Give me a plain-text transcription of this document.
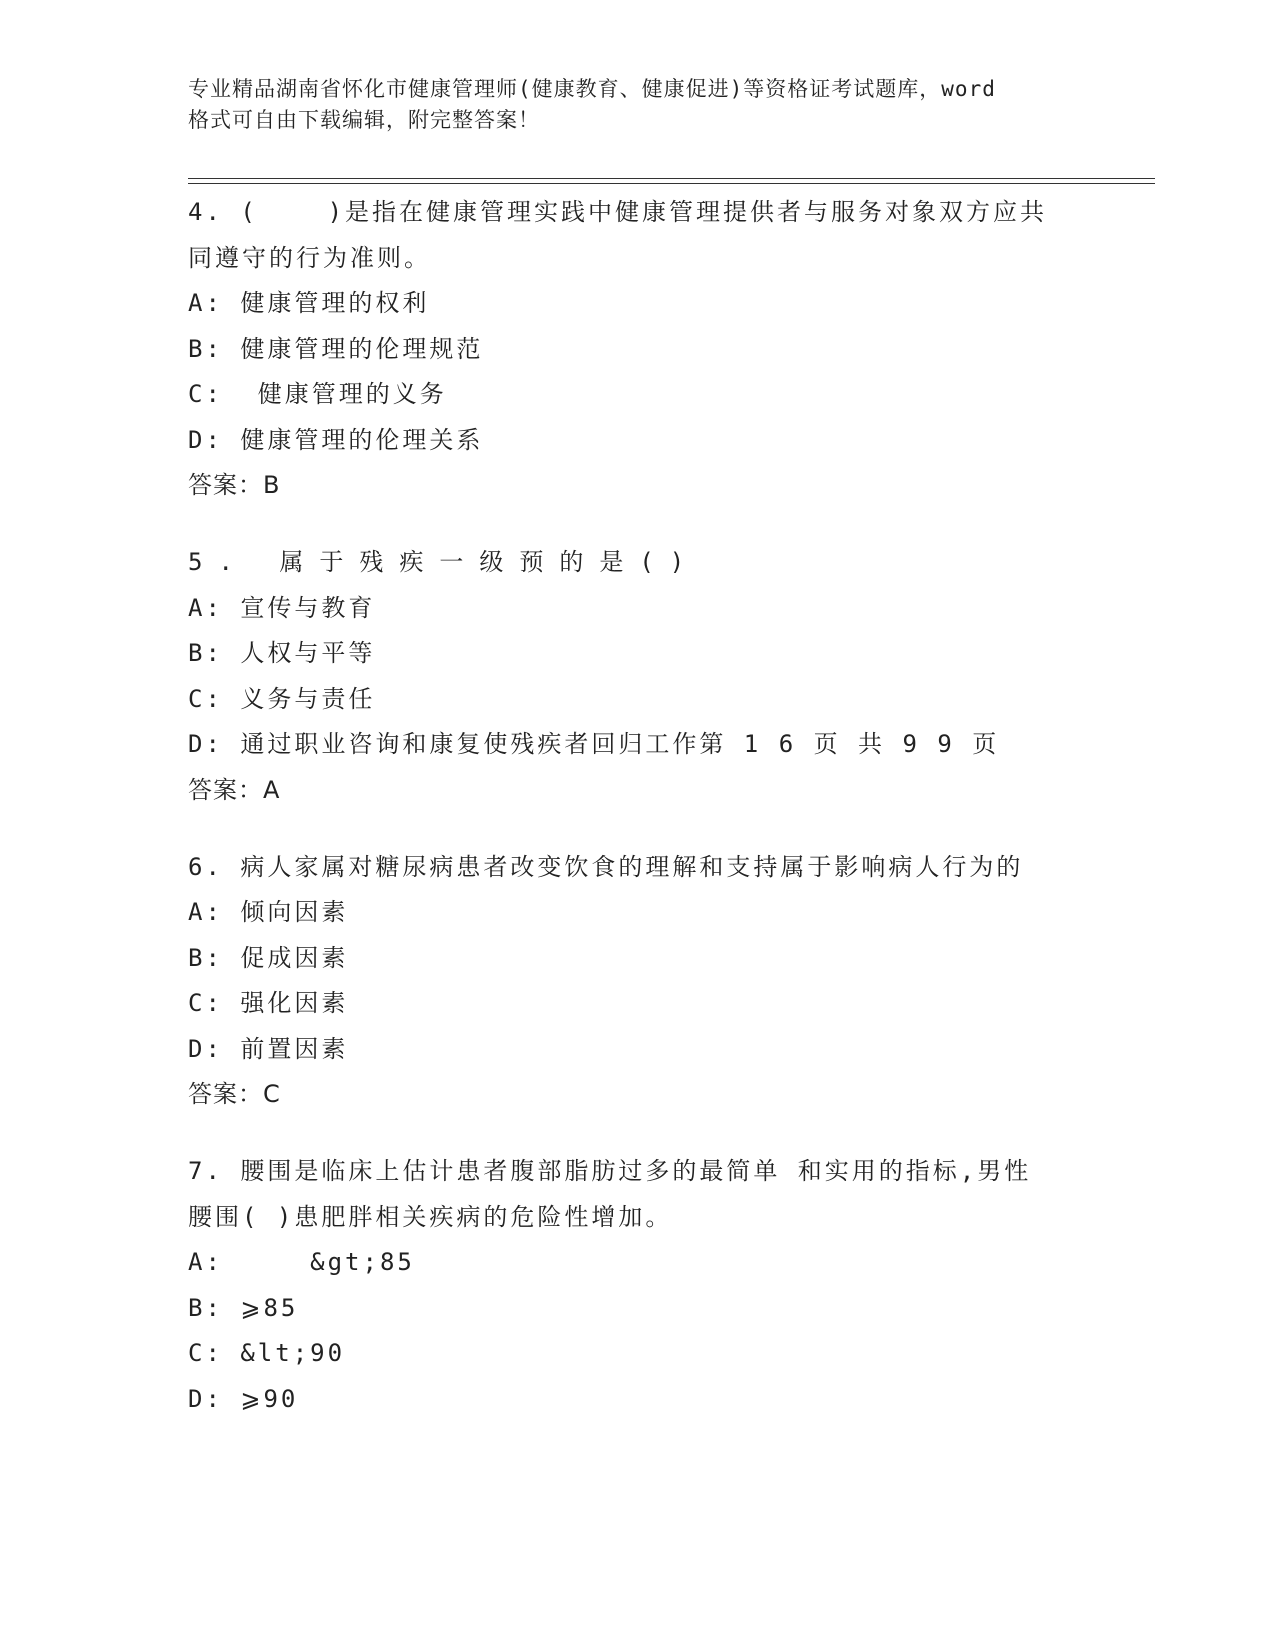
专业精品湖南省怀化市健康管理师(健康教育、健康促进)等资格证考试题库，word
格式可自由下载编辑，附完整答案！
4. (    )是指在健康管理实践中健康管理提供者与服务对象双方应共
同遵守的行为准则。
A: 健康管理的权利
B: 健康管理的伦理规范
C:  健康管理的义务
D: 健康管理的伦理关系
答案：B
5. 属于残疾一级预的是()
A: 宣传与教育
B: 人权与平等
C: 义务与责任
D: 通过职业咨询和康复使残疾者回归工作第 1 6 页 共 9 9 页
答案：A
6. 病人家属对糖尿病患者改变饮食的理解和支持属于影响病人行为的
A: 倾向因素
B: 促成因素
C: 强化因素
D: 前置因素
答案：C
7. 腰围是临床上估计患者腹部脂肪过多的最简单 和实用的指标,男性
腰围( )患肥胖相关疾病的危险性增加。
A:     &gt;85
B: ⩾85
C: &lt;90
D: ⩾90
